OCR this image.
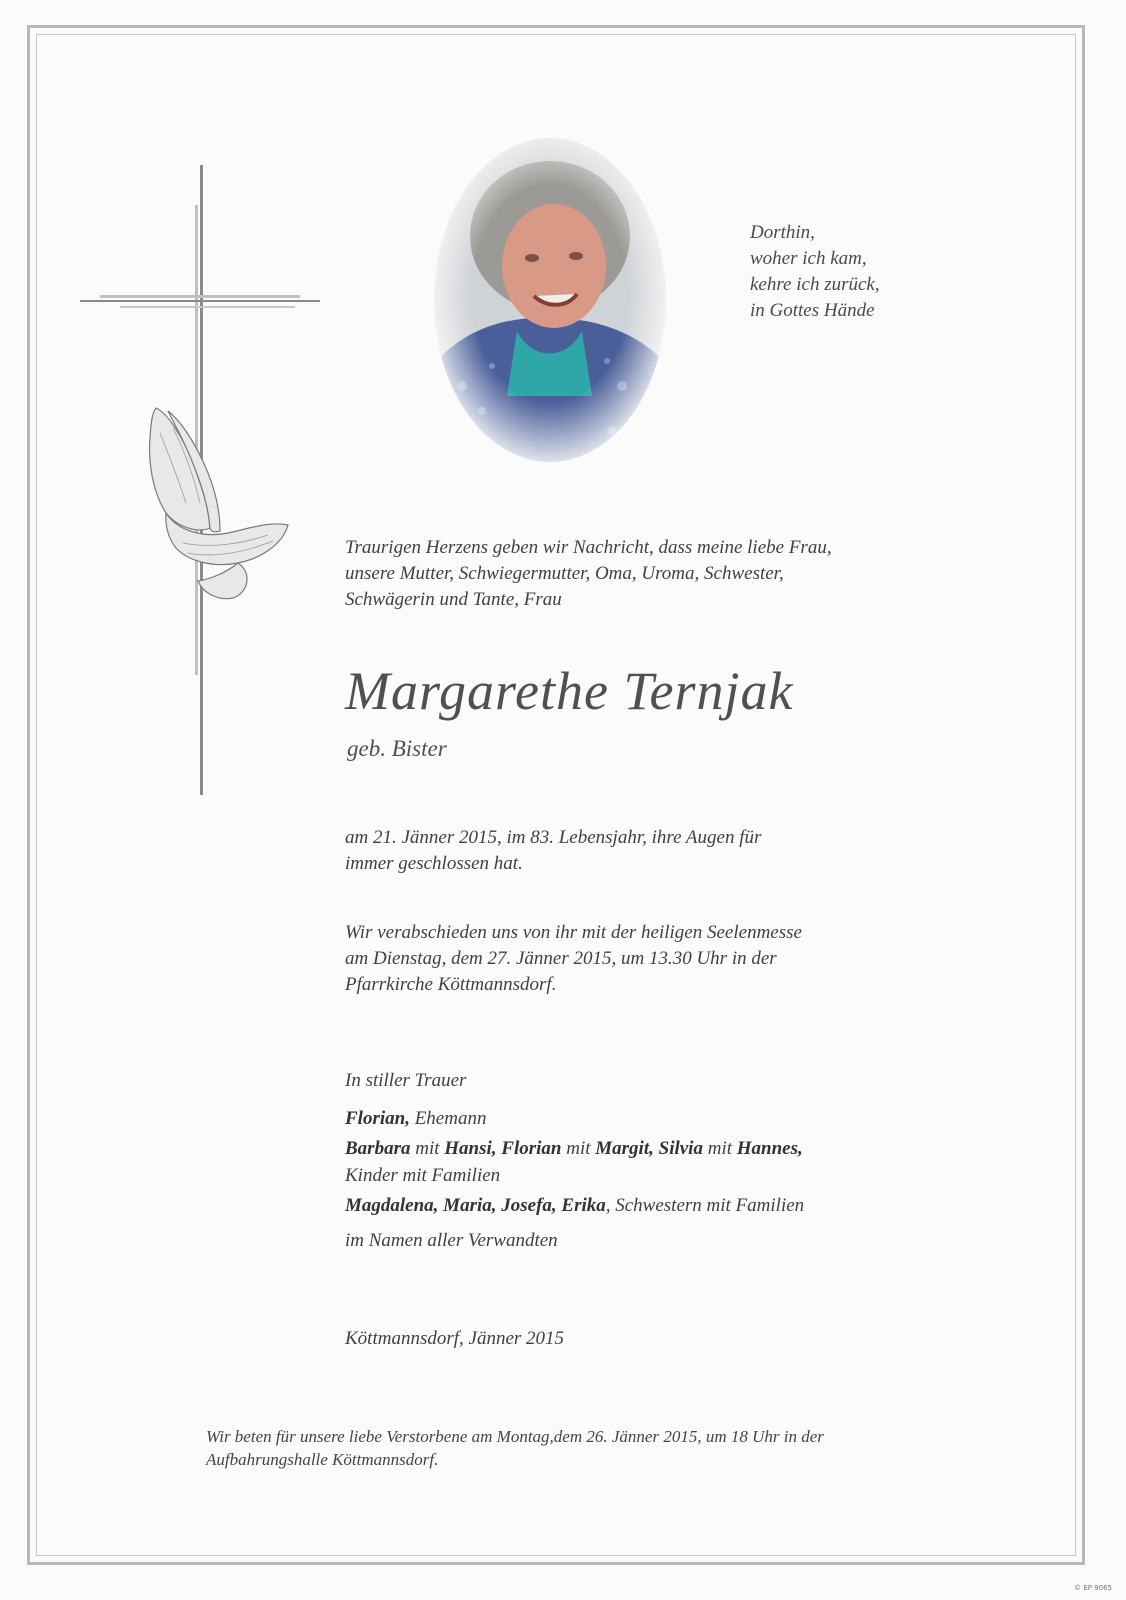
Dorthin,
woher ich kam,
kehre ich zurück,
in Gottes Hände
Traurigen Herzens geben wir Nachricht, dass meine liebe Frau,
unsere Mutter, Schwiegermutter, Oma, Uroma, Schwester,
Schwägerin und Tante, Frau
Margarethe Ternjak
geb. Bister
am 21. Jänner 2015, im 83. Lebensjahr, ihre Augen für
immer geschlossen hat.
Wir verabschieden uns von ihr mit der heiligen Seelenmesse
am Dienstag, dem 27. Jänner 2015, um 13.30 Uhr in der
Pfarrkirche Köttmannsdorf.
In stiller Trauer
Florian, Ehemann
Barbara mit Hansi, Florian mit Margit, Silvia mit Hannes,
Kinder mit Familien
Magdalena, Maria, Josefa, Erika, Schwestern mit Familien
im Namen aller Verwandten
Köttmannsdorf, Jänner 2015
Wir beten für unsere liebe Verstorbene am Montag,dem 26. Jänner 2015, um 18 Uhr in der
Aufbahrungshalle Köttmannsdorf.
© EP 9065
